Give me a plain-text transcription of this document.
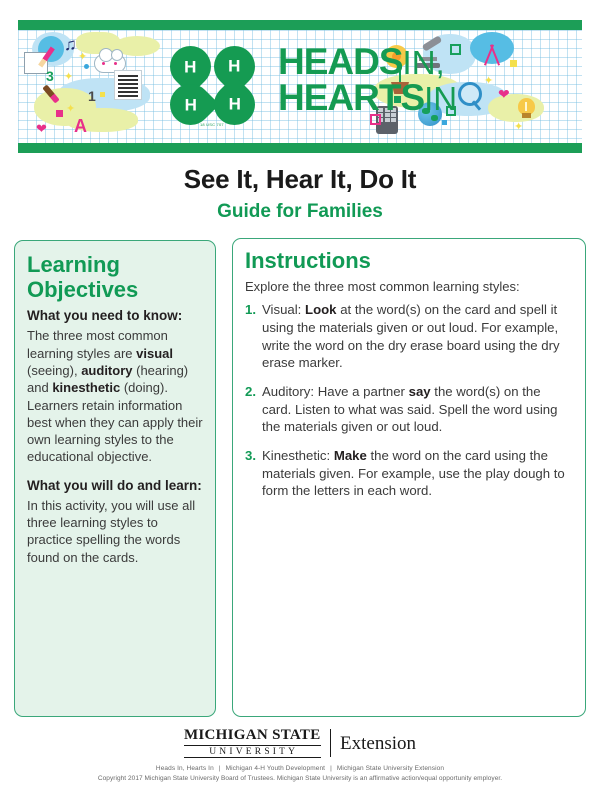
♫
3
1
A
❤
✦
✦
✦
❤
✦
✦
H H
H H
18 USC 707
HEADSIN,
HEARTSIN
See It, Hear It, Do It
Guide for Families
Learning
Objectives

What you need to know:

The three most common learning styles are visual (seeing), auditory (hearing) and kinesthetic (doing). Learners retain information best when they can apply their own learning styles to the educational objective.

What you will do and learn:

In this activity, you will use all three learning styles to practice spelling the words found on the cards.

Instructions

Explore the three most common learning styles:

1. Visual: Look at the word(s) on the card and spell it using the materials given or out loud. For example, write the word on the dry erase board using the dry erase marker.
2. Auditory: Have a partner say the word(s) on the card. Listen to what was said. Spell the word using the materials given or out loud.
3. Kinesthetic: Make the word on the card using the materials given. For example, use the play dough to form the letters in each word.
MICHIGAN STATE
UNIVERSITY	Extension
Heads In, Hearts In | Michigan 4-H Youth Development | Michigan State University Extension
Copyright 2017 Michigan State University Board of Trustees. Michigan State University is an affirmative action/equal opportunity employer.
